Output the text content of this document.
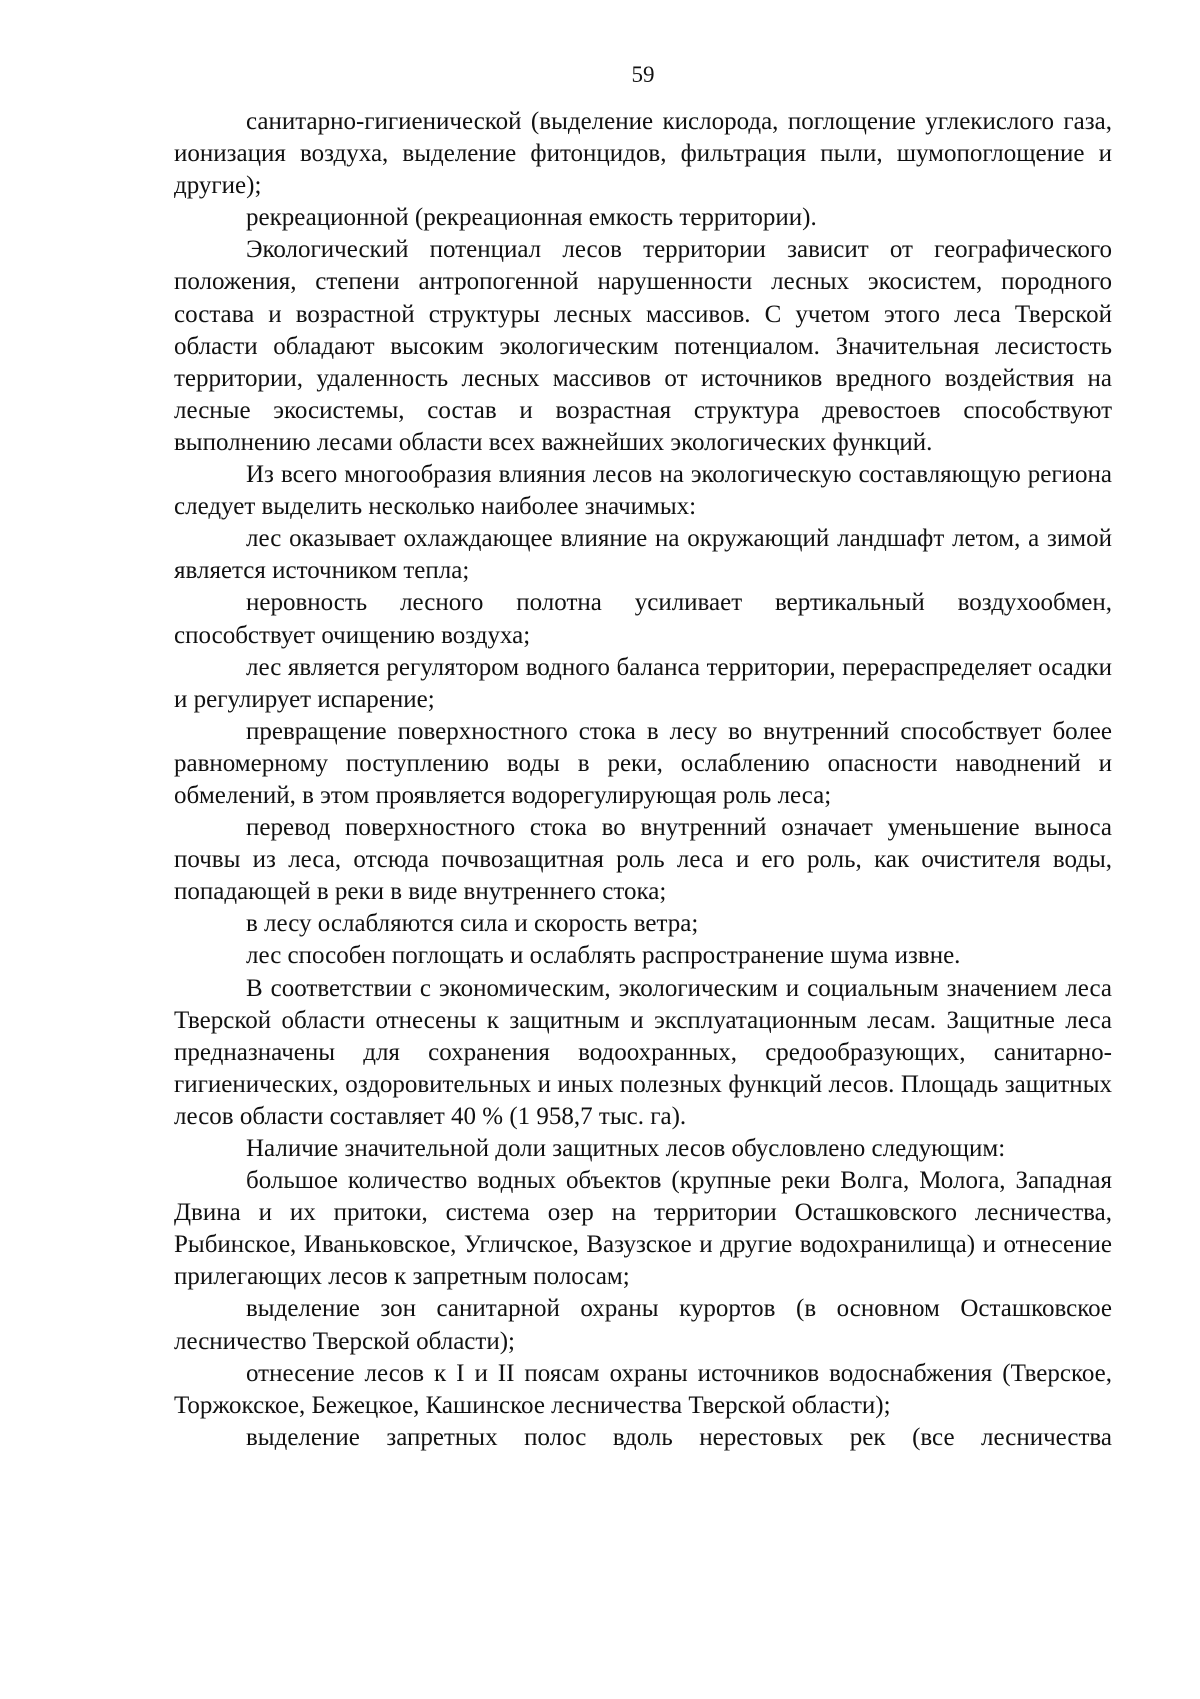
59

санитарно-гигиенической (выделение кислорода, поглощение углекислого газа, ионизация воздуха, выделение фитонцидов, фильтрация пыли, шумопоглощение и другие);

рекреационной (рекреационная емкость территории).

Экологический потенциал лесов территории зависит от географического положения, степени антропогенной нарушенности лесных экосистем, породного состава и возрастной структуры лесных массивов. С учетом этого леса Тверской области обладают высоким экологическим потенциалом. Значительная лесистость территории, удаленность лесных массивов от источников вредного воздействия на лесные экосистемы, состав и возрастная структура древостоев способствуют выполнению лесами области всех важнейших экологических функций.

Из всего многообразия влияния лесов на экологическую составляющую региона следует выделить несколько наиболее значимых:

лес оказывает охлаждающее влияние на окружающий ландшафт летом, а зимой является источником тепла;

неровность лесного полотна усиливает вертикальный воздухообмен, способствует очищению воздуха;

лес является регулятором водного баланса территории, перераспределяет осадки и регулирует испарение;

превращение поверхностного стока в лесу во внутренний способствует более равномерному поступлению воды в реки, ослаблению опасности наводнений и обмелений, в этом проявляется водорегулирующая роль леса;

перевод поверхностного стока во внутренний означает уменьшение выноса почвы из леса, отсюда почвозащитная роль леса и его роль, как очистителя воды, попадающей в реки в виде внутреннего стока;

в лесу ослабляются сила и скорость ветра;

лес способен поглощать и ослаблять распространение шума извне.

В соответствии с экономическим, экологическим и социальным значением леса Тверской области отнесены к защитным и эксплуатационным лесам. Защитные леса предназначены для сохранения водоохранных, средообразующих, санитарно-гигиенических, оздоровительных и иных полезных функций лесов. Площадь защитных лесов области составляет 40 % (1 958,7 тыс. га).

Наличие значительной доли защитных лесов обусловлено следующим:

большое количество водных объектов (крупные реки Волга, Молога, Западная Двина и их притоки, система озер на территории Осташковского лесничества, Рыбинское, Иваньковское, Угличское, Вазузское и другие водохранилища) и отнесение прилегающих лесов к запретным полосам;

выделение зон санитарной охраны курортов (в основном Осташковское лесничество Тверской области);

отнесение лесов к I и II поясам охраны источников водоснабжения (Тверское, Торжокское, Бежецкое, Кашинское лесничества Тверской области);

выделение запретных полос вдоль нерестовых рек (все лесничества
